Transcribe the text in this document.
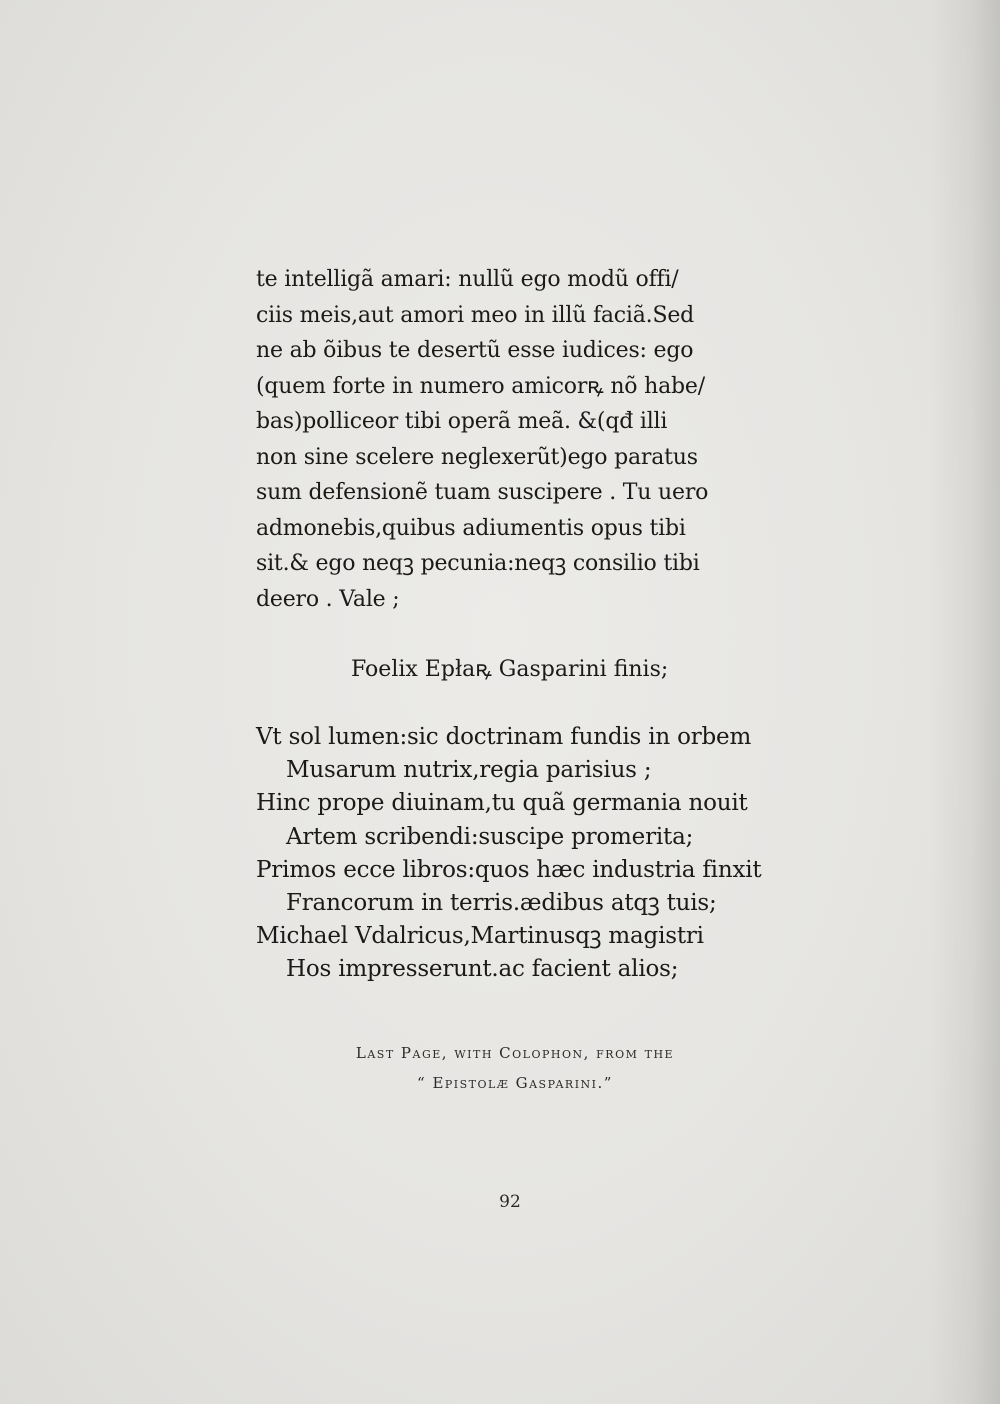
te intelligã amari: nullũ ego modũ offi/
ciis meis,aut amori meo in illũ faciã.Sed
ne ab õibus te desertũ esse iudices: ego
(quem forte in numero amicorꝶ nõ habe/
bas)polliceor tibi operã meã. &(qđ illi
non sine scelere neglexerũt)ego paratus
sum defensionẽ tuam suscipere . Tu uero
admonebis,quibus adiumentis opus tibi
sit.& ego neqꝫ pecunia:neqꝫ consilio tibi
deero . Vale ;
Foelix Epłaꝶ Gasparini finis;
Vt sol lumen:sic doctrinam fundis in orbem
Musarum nutrix,regia parisius ;
Hinc prope diuinam,tu quã germania nouit
Artem scribendi:suscipe promerita;
Primos ecce libros:quos hæc industria finxit
Francorum in terris.ædibus atqꝫ tuis;
Michael Vdalricus,Martinusqꝫ magistri
Hos impresserunt.ac facient alios;
Last Page, with Colophon, from the
“ Epistolæ Gasparini.”
92
